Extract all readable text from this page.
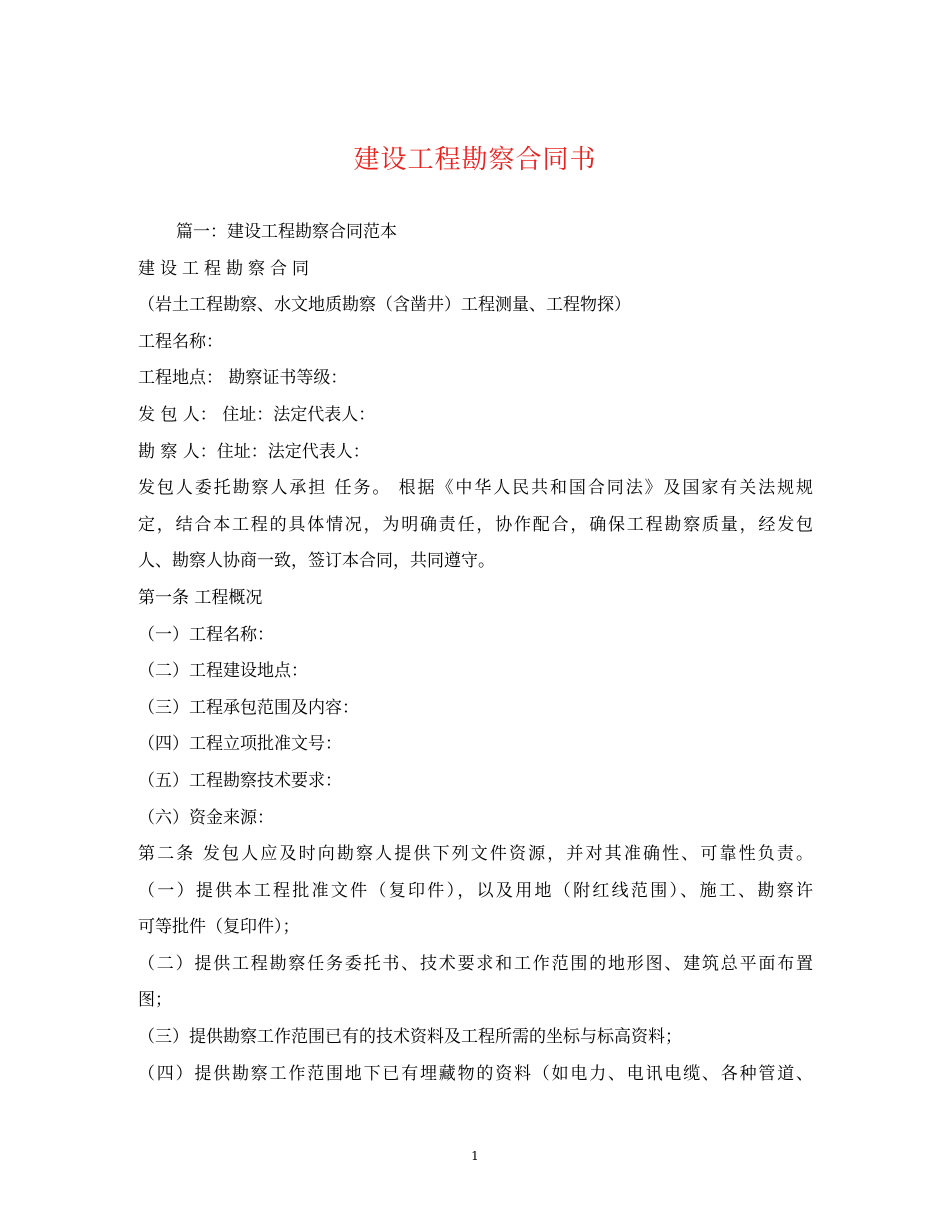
建设工程勘察合同书
篇一：建设工程勘察合同范本
建设工程勘察合同
（岩土工程勘察、水文地质勘察（含凿井）工程测量、工程物探）
工程名称：
工程地点： 勘察证书等级：
发 包 人： 住址：法定代表人：
勘 察 人：住址：法定代表人：
发包人委托勘察人承担 任务。 根据《中华人民共和国合同法》及国家有关法规规
定，结合本工程的具体情况，为明确责任，协作配合，确保工程勘察质量，经发包
人、勘察人协商一致，签订本合同，共同遵守。
第一条 工程概况
（一）工程名称：
（二）工程建设地点：
（三）工程承包范围及内容：
（四）工程立项批准文号：
（五）工程勘察技术要求：
（六）资金来源：
第二条 发包人应及时向勘察人提供下列文件资源，并对其准确性、可靠性负责。
（一）提供本工程批准文件（复印件），以及用地（附红线范围）、施工、勘察许
可等批件（复印件）；
（二）提供工程勘察任务委托书、技术要求和工作范围的地形图、建筑总平面布置
图；
（三）提供勘察工作范围已有的技术资料及工程所需的坐标与标高资料；
（四）提供勘察工作范围地下已有埋藏物的资料（如电力、电讯电缆、各种管道、
1
